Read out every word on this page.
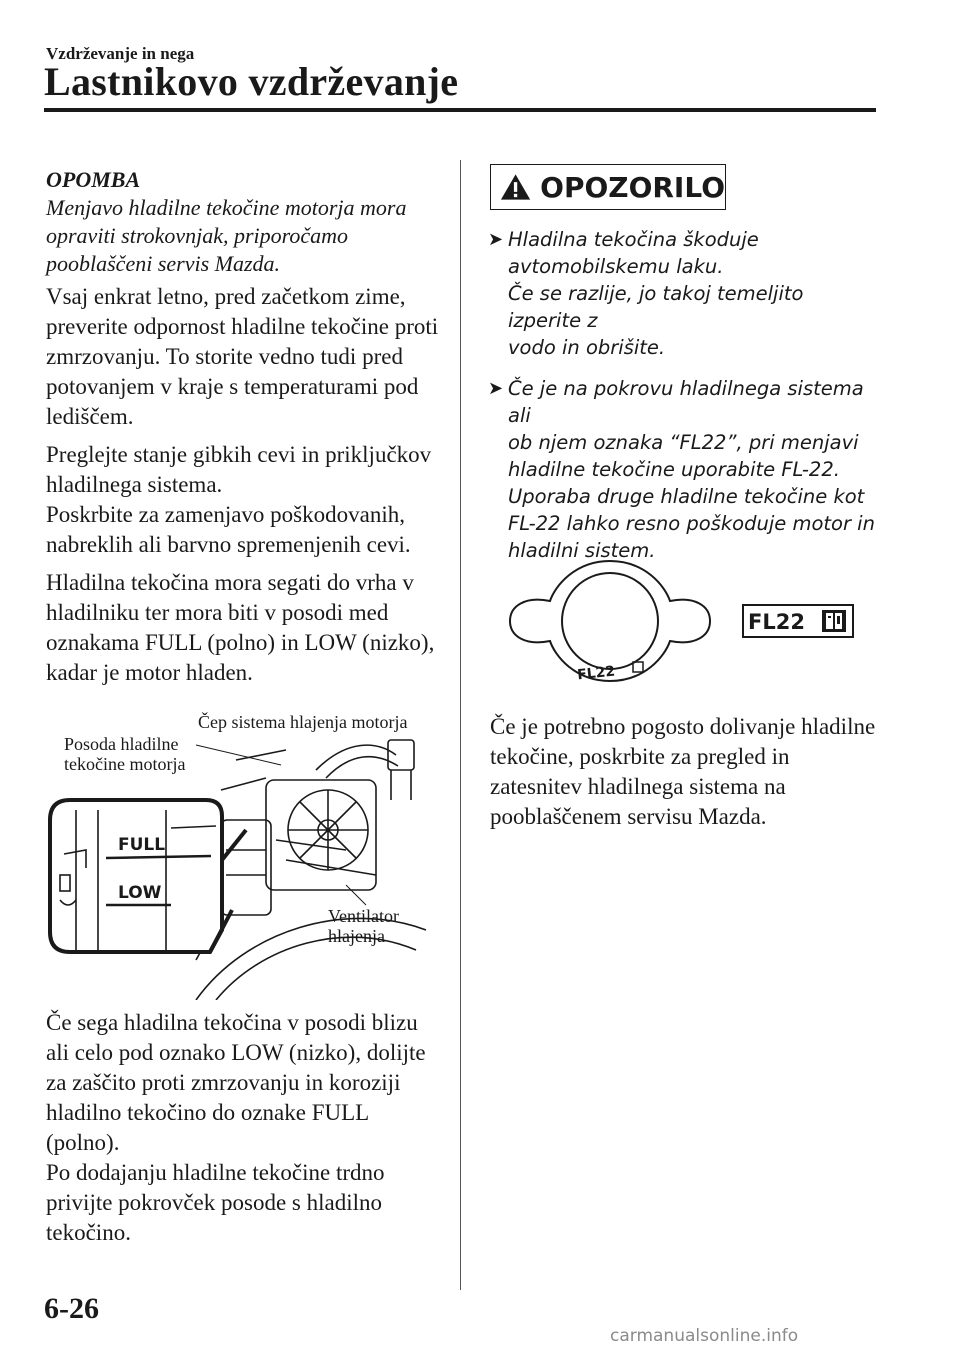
Vzdrževanje in nega
Lastnikovo vzdrževanje
OPOMBA
Menjavo hladilne tekočine motorja mora
opraviti strokovnjak, priporočamo
pooblaščeni servis Mazda.
Vsaj enkrat letno, pred začetkom zime,
preverite odpornost hladilne tekočine proti
zmrzovanju. To storite vedno tudi pred
potovanjem v kraje s temperaturami pod
lediščem.
Preglejte stanje gibkih cevi in priključkov
hladilnega sistema.
Poskrbite za zamenjavo poškodovanih,
nabreklih ali barvno spremenjenih cevi.
Hladilna tekočina mora segati do vrha v
hladilniku ter mora biti v posodi med
oznakama FULL (polno) in LOW (nizko),
kadar je motor hladen.
FULL
LOW
Čep sistema hlajenja motorja
Posoda hladilne
tekočine motorja
Ventilator
hlajenja
Če sega hladilna tekočina v posodi blizu
ali celo pod oznako LOW (nizko), dolijte
za zaščito proti zmrzovanju in koroziji
hladilno tekočino do oznake FULL
(polno).
Po dodajanju hladilne tekočine trdno
privijte pokrovček posode s hladilno
tekočino.
OPOZORILO
➤ Hladilna tekočina škoduje
avtomobilskemu laku.
Če se razlije, jo takoj temeljito izperite z
vodo in obrišite.
➤ Če je na pokrovu hladilnega sistema ali
ob njem oznaka “FL22”, pri menjavi
hladilne tekočine uporabite FL-22.
Uporaba druge hladilne tekočine kot
FL-22 lahko resno poškoduje motor in
hladilni sistem.
FL22
FL22
Če je potrebno pogosto dolivanje hladilne
tekočine, poskrbite za pregled in
zatesnitev hladilnega sistema na
pooblaščenem servisu Mazda.
6-26
carmanualsonline.info
